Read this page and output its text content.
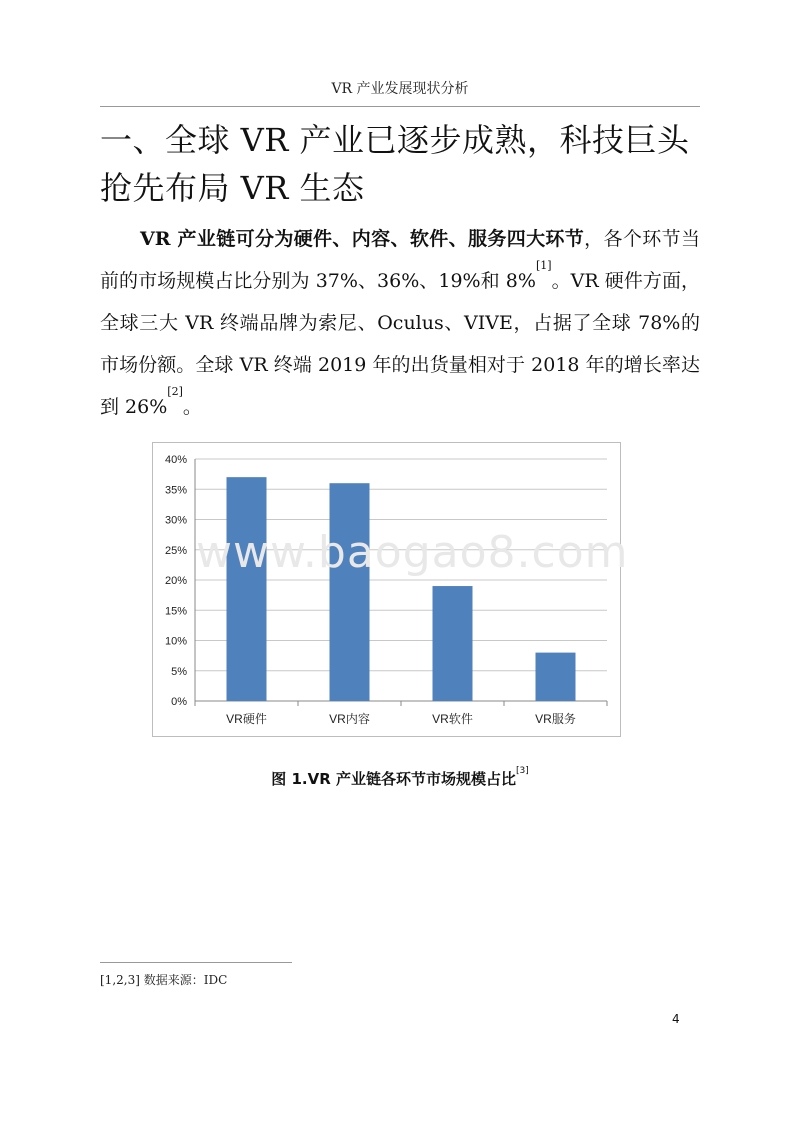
VR 产业发展现状分析
一、全球 VR 产业已逐步成熟，科技巨头抢先布局 VR 生态

VR 产业链可分为硬件、内容、软件、服务四大环节，各个环节当前的市场规模占比分别为 37%、36%、19%和 8%[1]。VR 硬件方面，全球三大 VR 终端品牌为索尼、Oculus、VIVE，占据了全球 78%的市场份额。全球 VR 终端 2019 年的出货量相对于 2018 年的增长率达到 26%[2]。

0%
5%
10%
15%
20%
25%
30%
35%
40%
VR硬件	VR内容	VR软件	VR服务
www.baogao8.com
图 1.VR 产业链各环节市场规模占比[3]
[1,2,3] 数据来源：IDC
4
